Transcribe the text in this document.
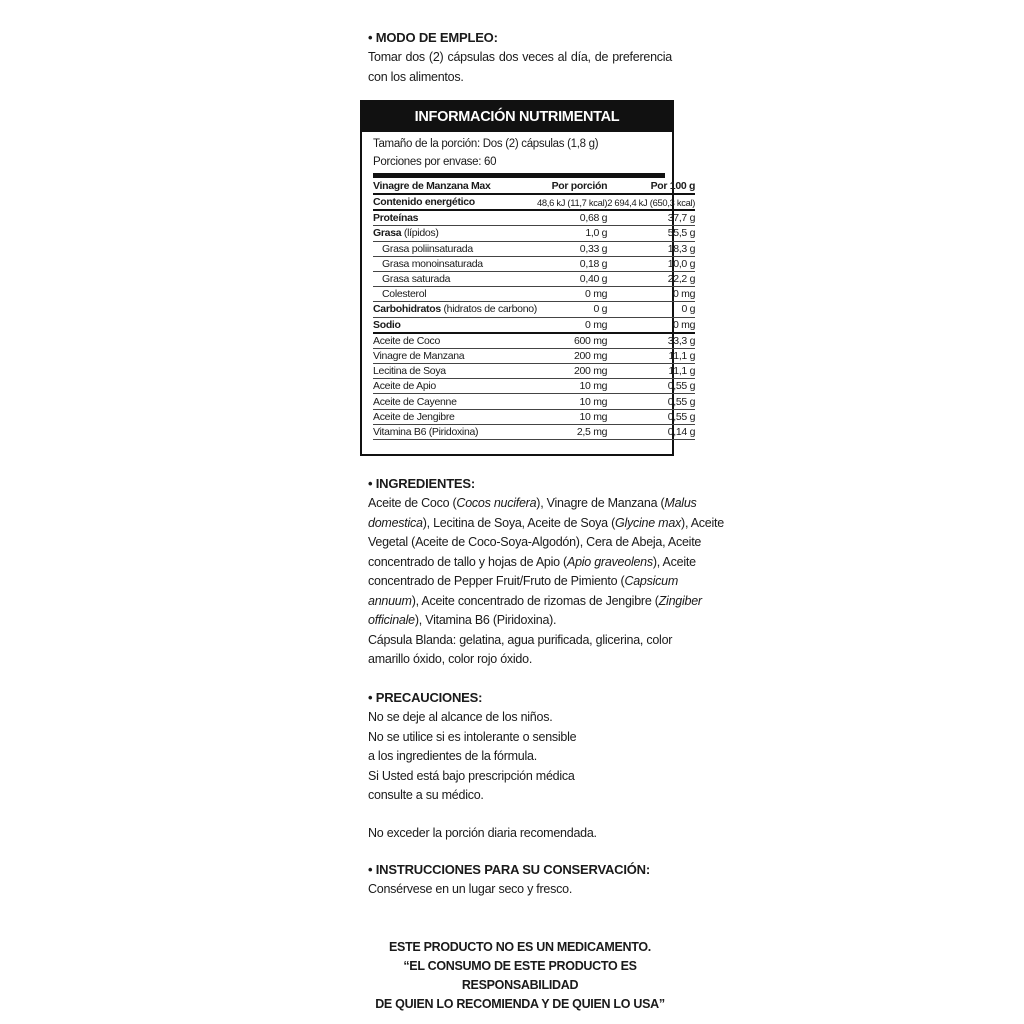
• MODO DE EMPLEO:
Tomar dos (2) cápsulas dos veces al día, de preferencia
con los alimentos.
INFORMACIÓN NUTRIMENTAL
Tamaño de la porción: Dos (2) cápsulas (1,8 g)
Porciones por envase: 60
Vinagre de Manzana Max	Por porción	Por 100 g
Contenido energético	48,6 kJ (11,7 kcal)	2 694,4 kJ (650,3 kcal)
Proteínas	0,68 g	37,7 g
Grasa (lípidos)	1,0 g	55,5 g
Grasa poliinsaturada	0,33 g	18,3 g
Grasa monoinsaturada	0,18 g	10,0 g
Grasa saturada	0,40 g	22,2 g
Colesterol	0 mg	0 mg
Carbohidratos (hidratos de carbono)	0 g	0 g
Sodio	0 mg	0 mg
Aceite de Coco	600 mg	33,3 g
Vinagre de Manzana	200 mg	11,1 g
Lecitina de Soya	200 mg	11,1 g
Aceite de Apio	10 mg	0,55 g
Aceite de Cayenne	10 mg	0,55 g
Aceite de Jengibre	10 mg	0,55 g
Vitamina B6 (Piridoxina)	2,5 mg	0,14 g
• INGREDIENTES:
Aceite de Coco (Cocos nucifera), Vinagre de Manzana (Malus
domestica), Lecitina de Soya, Aceite de Soya (Glycine max), Aceite
Vegetal (Aceite de Coco-Soya-Algodón), Cera de Abeja, Aceite
concentrado de tallo y hojas de Apio (Apio graveolens), Aceite
concentrado de Pepper Fruit/Fruto de Pimiento (Capsicum
annuum), Aceite concentrado de rizomas de Jengibre (Zingiber
officinale), Vitamina B6 (Piridoxina).
Cápsula Blanda: gelatina, agua purificada, glicerina, color
amarillo óxido, color rojo óxido.
• PRECAUCIONES:
No se deje al alcance de los niños.
No se utilice si es intolerante o sensible
a los ingredientes de la fórmula.
Si Usted está bajo prescripción médica
consulte a su médico.
No exceder la porción diaria recomendada.
• INSTRUCCIONES PARA SU CONSERVACIÓN:
Consérvese en un lugar seco y fresco.
ESTE PRODUCTO NO ES UN MEDICAMENTO.
“EL CONSUMO DE ESTE PRODUCTO ES RESPONSABILIDAD
DE QUIEN LO RECOMIENDA Y DE QUIEN LO USA”
